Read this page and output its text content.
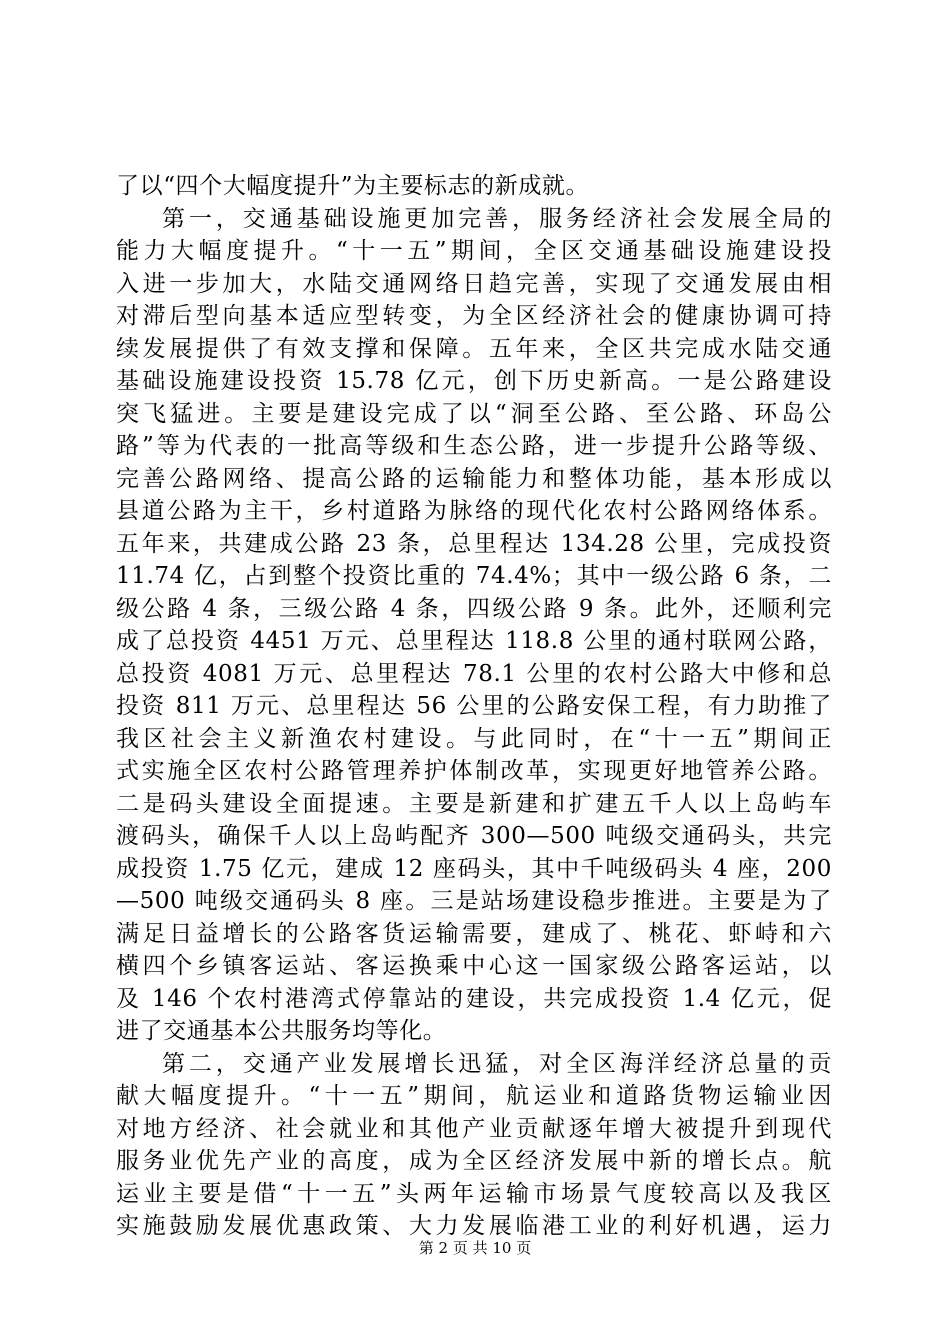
了以“四个大幅度提升”为主要标志的新成就。
第一，交通基础设施更加完善，服务经济社会发展全局的
能力大幅度提升。“十一五”期间，全区交通基础设施建设投
入进一步加大，水陆交通网络日趋完善，实现了交通发展由相
对滞后型向基本适应型转变，为全区经济社会的健康协调可持
续发展提供了有效支撑和保障。五年来，全区共完成水陆交通
基础设施建设投资 15.78 亿元，创下历史新高。一是公路建设
突飞猛进。主要是建设完成了以“洞至公路、至公路、环岛公
路”等为代表的一批高等级和生态公路，进一步提升公路等级、
完善公路网络、提高公路的运输能力和整体功能，基本形成以
县道公路为主干，乡村道路为脉络的现代化农村公路网络体系。
五年来，共建成公路 23 条，总里程达 134.28 公里，完成投资
11.74 亿，占到整个投资比重的 74.4%；其中一级公路 6 条，二
级公路 4 条，三级公路 4 条，四级公路 9 条。此外，还顺利完
成了总投资 4451 万元、总里程达 118.8 公里的通村联网公路，
总投资 4081 万元、总里程达 78.1 公里的农村公路大中修和总
投资 811 万元、总里程达 56 公里的公路安保工程，有力助推了
我区社会主义新渔农村建设。与此同时，在“十一五”期间正
式实施全区农村公路管理养护体制改革，实现更好地管养公路。
二是码头建设全面提速。主要是新建和扩建五千人以上岛屿车
渡码头，确保千人以上岛屿配齐 300—500 吨级交通码头，共完
成投资 1.75 亿元，建成 12 座码头，其中千吨级码头 4 座，200
—500 吨级交通码头 8 座。三是站场建设稳步推进。主要是为了
满足日益增长的公路客货运输需要，建成了、桃花、虾峙和六
横四个乡镇客运站、客运换乘中心这一国家级公路客运站，以
及 146 个农村港湾式停靠站的建设，共完成投资 1.4 亿元，促
进了交通基本公共服务均等化。
第二，交通产业发展增长迅猛，对全区海洋经济总量的贡
献大幅度提升。“十一五”期间，航运业和道路货物运输业因
对地方经济、社会就业和其他产业贡献逐年增大被提升到现代
服务业优先产业的高度，成为全区经济发展中新的增长点。航
运业主要是借“十一五”头两年运输市场景气度较高以及我区
实施鼓励发展优惠政策、大力发展临港工业的利好机遇，运力
第 2 页 共 10 页
